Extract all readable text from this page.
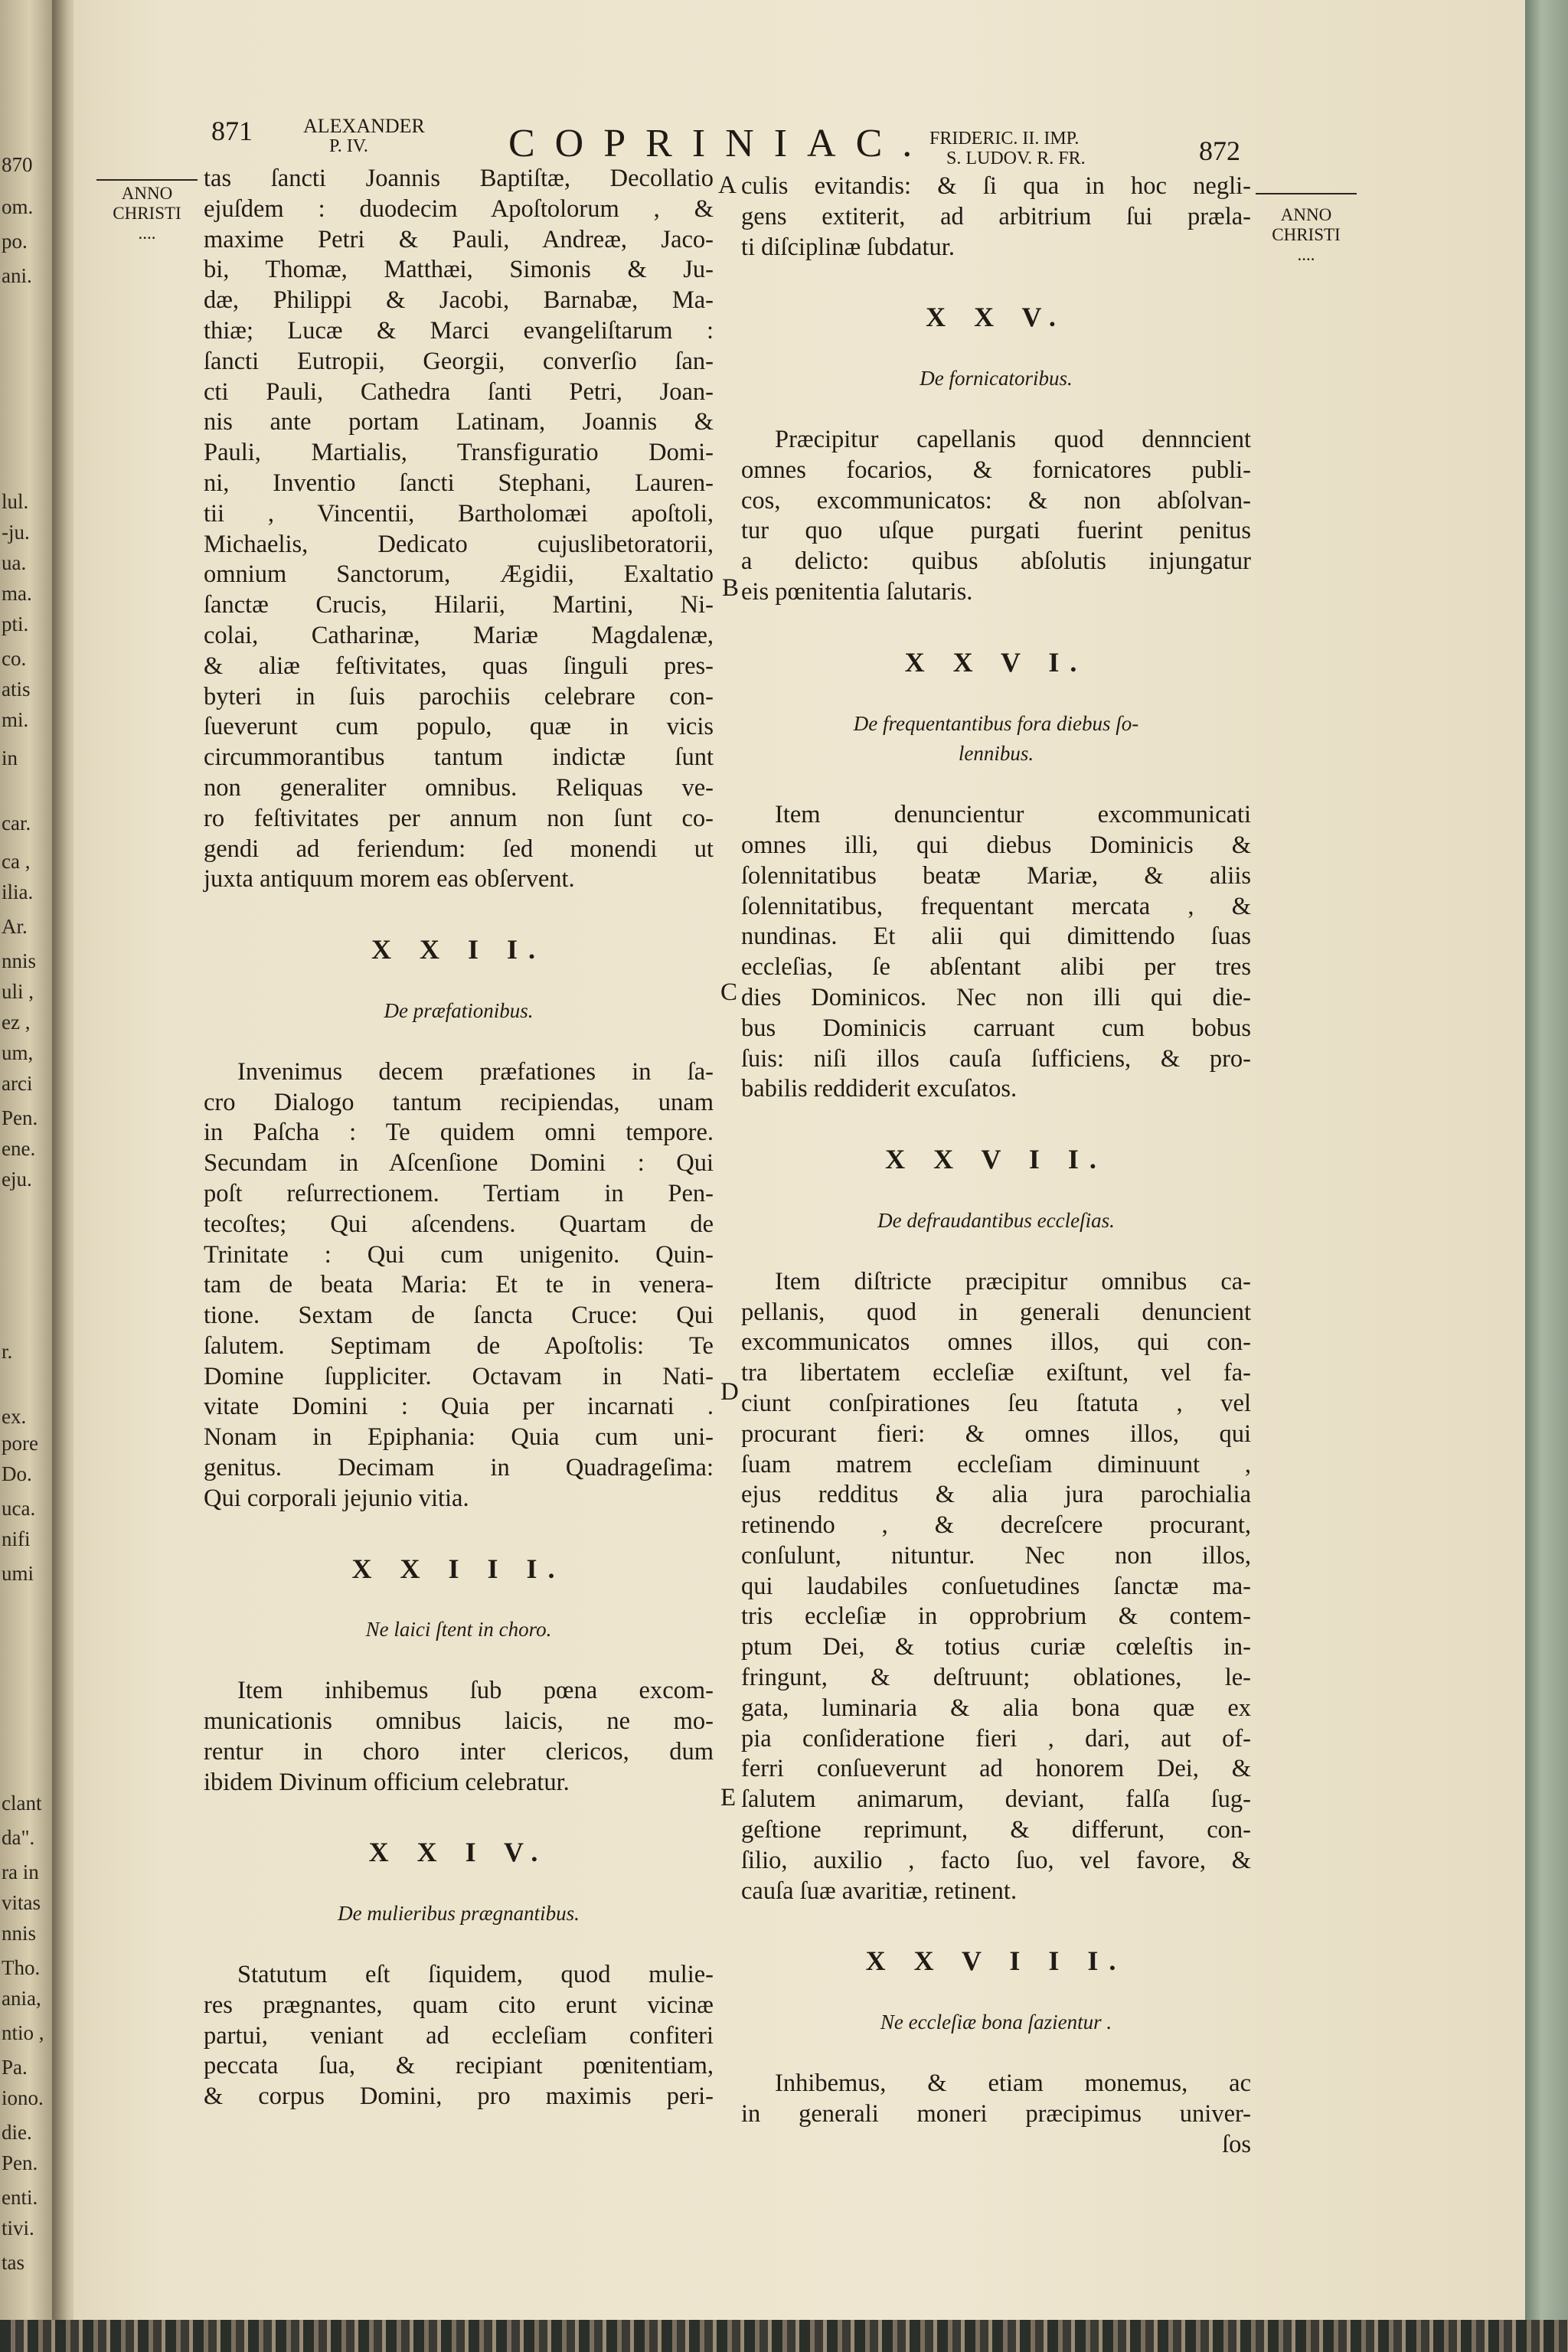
870
om.
po.
ani.
lul.
-ju.
ua.
ma.
pti.
co.
atis
mi.
in
car.
ca ,
ilia.
Ar.
nnis
uli ,
ez ,
um,
arci
Pen.
ene.
eju.
r.
ex.
pore
Do.
uca.
nifi
umi
clant
da".
ra in
vitas
nnis
Tho.
ania,
ntio ,
Pa.
iono.
die.
Pen.
enti.
tivi.
tas
871	ALEXANDER
P. IV.	COPRINIAC.
FRIDERIC. II. IMP.
S. LUDOV. R. FR.	872
ANNO
CHRISTI
....
ANNO
CHRISTI
....
A
B
C
D
E

tas ſancti Joannis Baptiſtæ, Decollatio

ejuſdem : duodecim Apoſtolorum , &

maxime Petri & Pauli, Andreæ, Jaco-

bi, Thomæ, Matthæi, Simonis & Ju-

dæ, Philippi & Jacobi, Barnabæ, Ma-

thiæ; Lucæ & Marci evangeliſtarum :

ſancti Eutropii, Georgii, converſio ſan-

cti Pauli, Cathedra ſanti Petri, Joan-

nis ante portam Latinam, Joannis &

Pauli, Martialis, Transfiguratio Domi-

ni, Inventio ſancti Stephani, Lauren-

tii , Vincentii, Bartholomæi apoſtoli,

Michaelis, Dedicato cujuslibetoratorii,

omnium Sanctorum, Ægidii, Exaltatio

ſanctæ Crucis, Hilarii, Martini, Ni-

colai, Catharinæ, Mariæ Magdalenæ,

& aliæ feſtivitates, quas ſinguli pres-

byteri in ſuis parochiis celebrare con-

ſueverunt cum populo, quæ in vicis

circummorantibus tantum indictæ ſunt

non generaliter omnibus. Reliquas ve-

ro feſtivitates per annum non ſunt co-

gendi ad feriendum: ſed monendi ut

juxta antiquum morem eas obſervent.

X X I I.

De præfationibus.

Invenimus decem præfationes in ſa-

cro Dialogo tantum recipiendas, unam

in Paſcha : Te quidem omni tempore.

Secundam in Aſcenſione Domini : Qui

poſt reſurrectionem. Tertiam in Pen-

tecoſtes; Qui aſcendens. Quartam de

Trinitate : Qui cum unigenito. Quin-

tam de beata Maria: Et te in venera-

tione. Sextam de ſancta Cruce: Qui

ſalutem. Septimam de Apoſtolis: Te

Domine ſuppliciter. Octavam in Nati-

vitate Domini : Quia per incarnati .

Nonam in Epiphania: Quia cum uni-

genitus. Decimam in Quadrageſima:

Qui corporali jejunio vitia.

X X I I I.

Ne laici ſtent in choro.

Item inhibemus ſub pœna excom-

municationis omnibus laicis, ne mo-

rentur in choro inter clericos, dum

ibidem Divinum officium celebratur.

X X I V.

De mulieribus prægnantibus.

Statutum eſt ſiquidem, quod mulie-

res prægnantes, quam cito erunt vicinæ

partui, veniant ad eccleſiam confiteri

peccata ſua, & recipiant pœnitentiam,

& corpus Domini, pro maximis peri-

culis evitandis: & ſi qua in hoc negli-

gens extiterit, ad arbitrium ſui præla-

ti diſciplinæ ſubdatur.

X X V.

De fornicatoribus.

Præcipitur capellanis quod dennncient

omnes focarios, & fornicatores publi-

cos, excommunicatos: & non abſolvan-

tur quo uſque purgati fuerint penitus

a delicto: quibus abſolutis injungatur

eis pœnitentia ſalutaris.

X X V I.

De frequentantibus fora diebus ſo-

lennibus.

Item denuncientur excommunicati

omnes illi, qui diebus Dominicis &

ſolennitatibus beatæ Mariæ, & aliis

ſolennitatibus, frequentant mercata , &

nundinas. Et alii qui dimittendo ſuas

eccleſias, ſe abſentant alibi per tres

dies Dominicos. Nec non illi qui die-

bus Dominicis carruant cum bobus

ſuis: niſi illos cauſa ſufficiens, & pro-

babilis reddiderit excuſatos.

X X V I I.

De defraudantibus eccleſias.

Item diſtricte præcipitur omnibus ca-

pellanis, quod in generali denuncient

excommunicatos omnes illos, qui con-

tra libertatem eccleſiæ exiſtunt, vel fa-

ciunt conſpirationes ſeu ſtatuta , vel

procurant fieri: & omnes illos, qui

ſuam matrem eccleſiam diminuunt ,

ejus redditus & alia jura parochialia

retinendo , & decreſcere procurant,

conſulunt, nituntur. Nec non illos,

qui laudabiles conſuetudines ſanctæ ma-

tris eccleſiæ in opprobrium & contem-

ptum Dei, & totius curiæ cœleſtis in-

fringunt, & deſtruunt; oblationes, le-

gata, luminaria & alia bona quæ ex

pia conſideratione fieri , dari, aut of-

ferri conſueverunt ad honorem Dei, &

ſalutem animarum, deviant, falſa ſug-

geſtione reprimunt, & differunt, con-

ſilio, auxilio , facto ſuo, vel favore, &

cauſa ſuæ avaritiæ, retinent.

X X V I I I.

Ne eccleſiæ bona ſazientur .

Inhibemus, & etiam monemus, ac

in generali moneri præcipimus univer-

ſos
